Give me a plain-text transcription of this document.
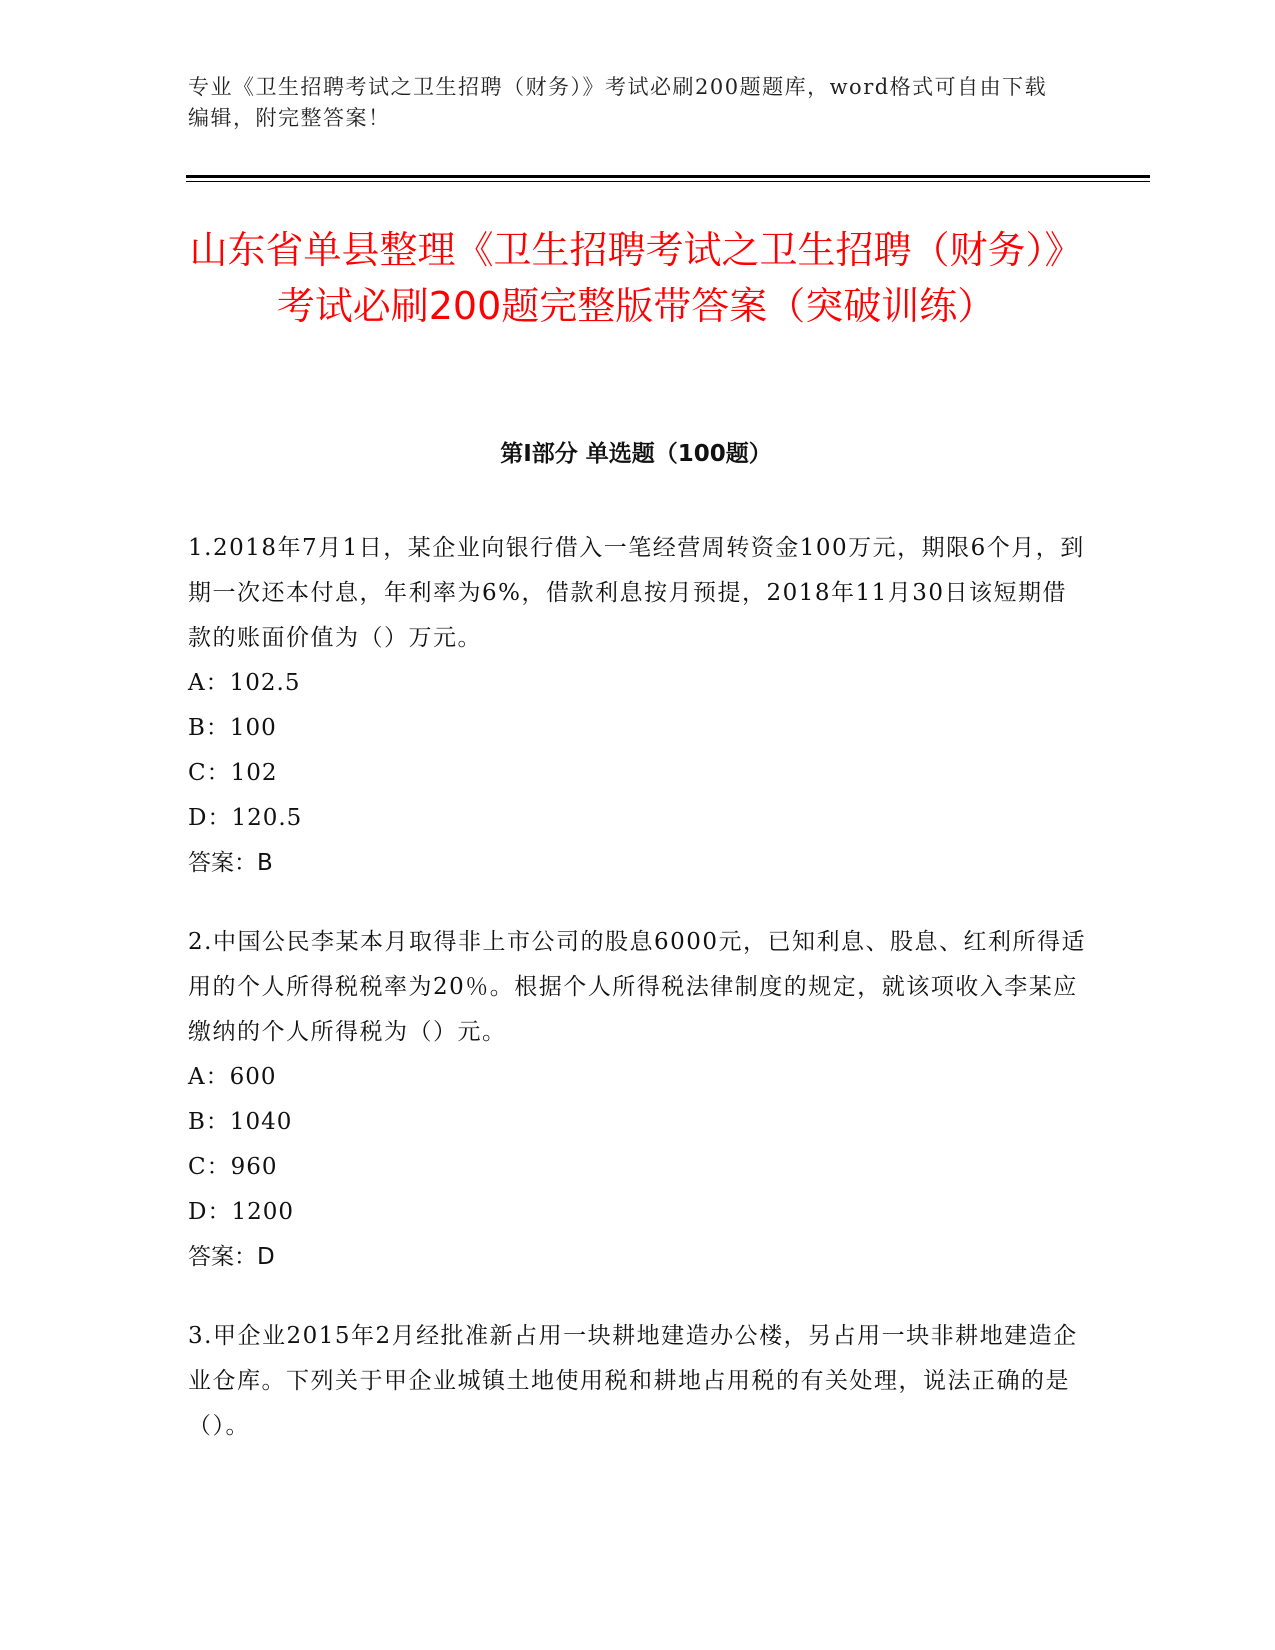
专业《卫生招聘考试之卫生招聘（财务）》考试必刷200题题库，word格式可自由下载编辑，附完整答案！
山东省单县整理《卫生招聘考试之卫生招聘（财务）》考试必刷200题完整版带答案（突破训练）
第I部分 单选题（100题）

1.2018年7月1日，某企业向银行借入一笔经营周转资金100万元，期限6个月，到期一次还本付息，年利率为6%，借款利息按月预提，2018年11月30日该短期借款的账面价值为（）万元。

A：102.5

B：100

C：102

D：120.5

答案：B

2.中国公民李某本月取得非上市公司的股息6000元，已知利息、股息、红利所得适用的个人所得税税率为20％。根据个人所得税法律制度的规定，就该项收入李某应缴纳的个人所得税为（）元。

A：600

B：1040

C：960

D：1200

答案：D

3.甲企业2015年2月经批准新占用一块耕地建造办公楼，另占用一块非耕地建造企业仓库。下列关于甲企业城镇土地使用税和耕地占用税的有关处理，说法正确的是（）。
